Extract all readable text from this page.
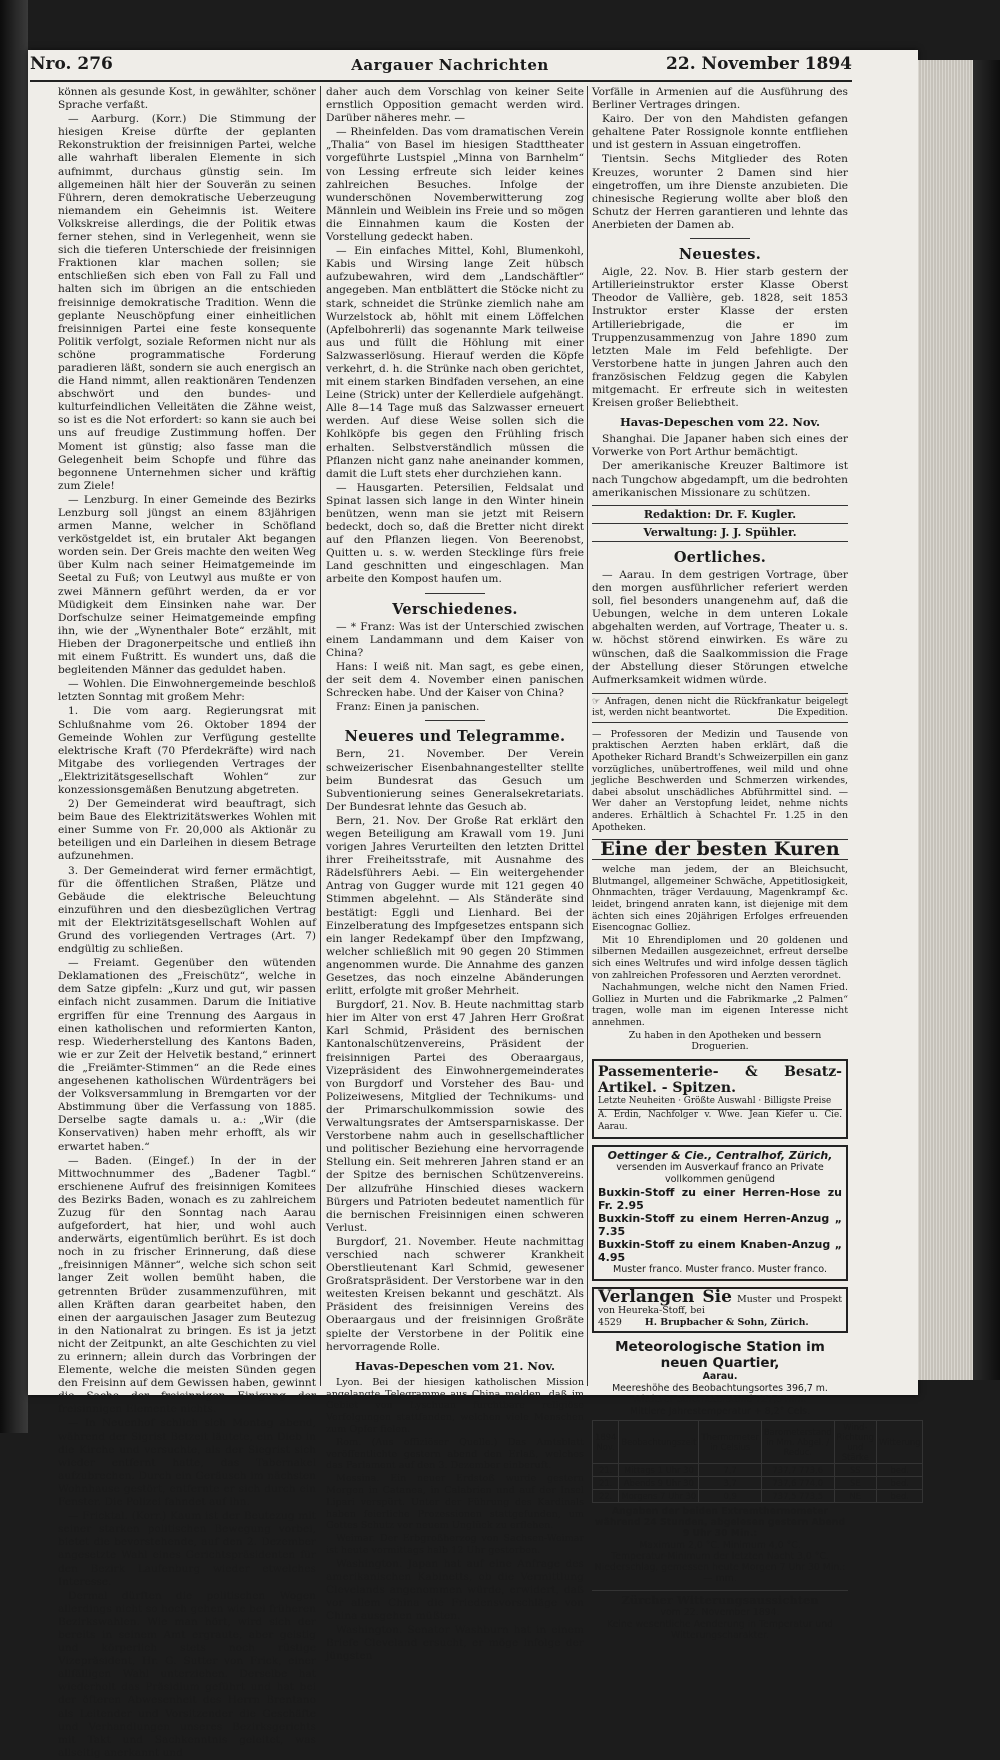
Nro. 276	Aargauer Nachrichten	22. November 1894

können als gesunde Kost, in gewählter, schöner Sprache verfaßt.

— Aarburg. (Korr.) Die Stimmung der hiesigen Kreise dürfte der geplanten Rekonstruktion der freisinnigen Partei, welche alle wahrhaft liberalen Elemente in sich aufnimmt, durchaus günstig sein. Im allgemeinen hält hier der Souverän zu seinen Führern, deren demokratische Ueberzeugung niemandem ein Geheimnis ist. Weitere Volkskreise allerdings, die der Politik etwas ferner stehen, sind in Verlegenheit, wenn sie sich die tieferen Unterschiede der freisinnigen Fraktionen klar machen sollen; sie entschließen sich eben von Fall zu Fall und halten sich im übrigen an die entschieden freisinnige demokratische Tradition. Wenn die geplante Neuschöpfung einer einheitlichen freisinnigen Partei eine feste konsequente Politik verfolgt, soziale Reformen nicht nur als schöne programmatische Forderung paradieren läßt, sondern sie auch energisch an die Hand nimmt, allen reaktionären Tendenzen abschwört und den bundes- und kulturfeindlichen Velleitäten die Zähne weist, so ist es die Not erfordert: so kann sie auch bei uns auf freudige Zustimmung hoffen. Der Moment ist günstig; also fasse man die Gelegenheit beim Schopfe und führe das begonnene Unternehmen sicher und kräftig zum Ziele!

— Lenzburg. In einer Gemeinde des Bezirks Lenzburg soll jüngst an einem 83jährigen armen Manne, welcher in Schöfland verköstgeldet ist, ein brutaler Akt begangen worden sein. Der Greis machte den weiten Weg über Kulm nach seiner Heimatgemeinde im Seetal zu Fuß; von Leutwyl aus mußte er von zwei Männern geführt werden, da er vor Müdigkeit dem Einsinken nahe war. Der Dorfschulze seiner Heimatgemeinde empfing ihn, wie der „Wynenthaler Bote“ erzählt, mit Hieben der Dragonerpeitsche und entließ ihn mit einem Fußtritt. Es wundert uns, daß die begleitenden Männer das geduldet haben.

— Wohlen. Die Einwohnergemeinde beschloß letzten Sonntag mit großem Mehr:

1. Die vom aarg. Regierungsrat mit Schlußnahme vom 26. Oktober 1894 der Gemeinde Wohlen zur Verfügung gestellte elektrische Kraft (70 Pferdekräfte) wird nach Mitgabe des vorliegenden Vertrages der „Elektrizitätsgesellschaft Wohlen“ zur konzessionsgemäßen Benutzung abgetreten.

2) Der Gemeinderat wird beauftragt, sich beim Baue des Elektrizitätswerkes Wohlen mit einer Summe von Fr. 20,000 als Aktionär zu beteiligen und ein Darleihen in diesem Betrage aufzunehmen.

3. Der Gemeinderat wird ferner ermächtigt, für die öffentlichen Straßen, Plätze und Gebäude die elektrische Beleuchtung einzuführen und den diesbezüglichen Vertrag mit der Elektrizitätsgesellschaft Wohlen auf Grund des vorliegenden Vertrages (Art. 7) endgültig zu schließen.

— Freiamt. Gegenüber den wütenden Deklamationen des „Freischütz“, welche in dem Satze gipfeln: „Kurz und gut, wir passen einfach nicht zusammen. Darum die Initiative ergriffen für eine Trennung des Aargaus in einen katholischen und reformierten Kanton, resp. Wiederherstellung des Kantons Baden, wie er zur Zeit der Helvetik bestand,“ erinnert die „Freiämter-Stimmen“ an die Rede eines angesehenen katholischen Würdenträgers bei der Volksversammlung in Bremgarten vor der Abstimmung über die Verfassung von 1885. Derselbe sagte damals u. a.: „Wir (die Konservativen) haben mehr erhofft, als wir erwartet haben.“

— Baden. (Eingef.) In der in der Mittwochnummer des „Badener Tagbl.“ erschienene Aufruf des freisinnigen Komitees des Bezirks Baden, wonach es zu zahlreichem Zuzug für den Sonntag nach Aarau aufgefordert, hat hier, und wohl auch anderwärts, eigentümlich berührt. Es ist doch noch in zu frischer Erinnerung, daß diese „freisinnigen Männer“, welche sich schon seit langer Zeit wollen bemüht haben, die getrennten Brüder zusammenzuführen, mit allen Kräften daran gearbeitet haben, den einen der aargauischen Jasager zum Beutezug in den Nationalrat zu bringen. Es ist ja jetzt nicht der Zeitpunkt, an alte Geschichten zu viel zu erinnern; allein durch das Vorbringen der Elemente, welche die meisten Sünden gegen den Freisinn auf dem Gewissen haben, gewinnt die Sache der freisinnigen Einigung der freisinnigen Elemente nichts.

— In Neuenhof schlich sich Montag abend, während der Sigrist Betzeit läutete, ein Dieb in die Kirche und versuchte, als der Siegrist sich wieder entfernt hatte, das Tabernakel aufzubrechen. Durch ein Geräusch im nächsten Wohnhause gestört, entfernte er sich durch ein Fenster. Die Polizei fahndet auf ihn.

— Fricktal. (Korr.) Kaum ist der Beutezug mit seiner starken politischen Bewegung vorbei, bietet die bevorstehende, auf den 2. Dezember angesetzte Wahl eines Gerichtspräsidenten für den Bezirk Laufenburg wieder etwelches Interesse.

Dermal dürften die politischen Wogen allerdings nicht so hoch gehen wie bei früheren Bezirkswahlen. Wie man hört, wird sich der bereits in seinem Amt ergraute, aber geistig und körperlich stets noch rüstige Vizepräsident, Hr. G. Sutter von Frick, einer allfälligen Wahl unterziehen. Derselbe hat wiederholt das Präsidium geführt und hat bei der öfteren Abwesenheit des Herrn Brentano als Leitender und Vorsitzender die Geschäfte und Verhandlungen unseres Bezirksgerichts mit Takt und Sachkenntnis geleitet, was allseitig anerkannt und

daher auch dem Vorschlag von keiner Seite ernstlich Opposition gemacht werden wird. Darüber näheres mehr. —

— Rheinfelden. Das vom dramatischen Verein „Thalia“ von Basel im hiesigen Stadttheater vorgeführte Lustspiel „Minna von Barnhelm“ von Lessing erfreute sich leider keines zahlreichen Besuches. Infolge der wunderschönen Novemberwitterung zog Männlein und Weiblein ins Freie und so mögen die Einnahmen kaum die Kosten der Vorstellung gedeckt haben.

— Ein einfaches Mittel, Kohl, Blumenkohl, Kabis und Wirsing lange Zeit hübsch aufzubewahren, wird dem „Landschäftler“ angegeben. Man entblättert die Stöcke nicht zu stark, schneidet die Strünke ziemlich nahe am Wurzelstock ab, höhlt mit einem Löffelchen (Apfelbohrerli) das sogenannte Mark teilweise aus und füllt die Höhlung mit einer Salzwasserlösung. Hierauf werden die Köpfe verkehrt, d. h. die Strünke nach oben gerichtet, mit einem starken Bindfaden versehen, an eine Leine (Strick) unter der Kellerdiele aufgehängt. Alle 8—14 Tage muß das Salzwasser erneuert werden. Auf diese Weise sollen sich die Kohlköpfe bis gegen den Frühling frisch erhalten. Selbstverständlich müssen die Pflanzen nicht ganz nahe aneinander kommen, damit die Luft stets eher durchziehen kann.

— Hausgarten. Petersilien, Feldsalat und Spinat lassen sich lange in den Winter hinein benützen, wenn man sie jetzt mit Reisern bedeckt, doch so, daß die Bretter nicht direkt auf den Pflanzen liegen. Von Beerenobst, Quitten u. s. w. werden Stecklinge fürs freie Land geschnitten und eingeschlagen. Man arbeite den Kompost haufen um.

Verschiedenes.

— * Franz: Was ist der Unterschied zwischen einem Landammann und dem Kaiser von China?

Hans: I weiß nit. Man sagt, es gebe einen, der seit dem 4. November einen panischen Schrecken habe. Und der Kaiser von China?

Franz: Einen ja panischen.

Neueres und Telegramme.

Bern, 21. November. Der Verein schweizerischer Eisenbahnangestellter stellte beim Bundesrat das Gesuch um Subventionierung seines Generalsekretariats. Der Bundesrat lehnte das Gesuch ab.

Bern, 21. Nov. Der Große Rat erklärt den wegen Beteiligung am Krawall vom 19. Juni vorigen Jahres Verurteilten den letzten Drittel ihrer Freiheitsstrafe, mit Ausnahme des Rädelsführers Aebi. — Ein weitergehender Antrag von Gugger wurde mit 121 gegen 40 Stimmen abgelehnt. — Als Ständeräte sind bestätigt: Eggli und Lienhard. Bei der Einzelberatung des Impfgesetzes entspann sich ein langer Redekampf über den Impfzwang, welcher schließlich mit 90 gegen 20 Stimmen angenommen wurde. Die Annahme des ganzen Gesetzes, das noch einzelne Abänderungen erlitt, erfolgte mit großer Mehrheit.

Burgdorf, 21. Nov. B. Heute nachmittag starb hier im Alter von erst 47 Jahren Herr Großrat Karl Schmid, Präsident des bernischen Kantonalschützenvereins, Präsident der freisinnigen Partei des Oberaargaus, Vizepräsident des Einwohnergemeinderates von Burgdorf und Vorsteher des Bau- und Polizeiwesens, Mitglied der Technikums- und der Primarschulkommission sowie des Verwaltungsrates der Amtsersparniskasse. Der Verstorbene nahm auch in gesellschaftlicher und politischer Beziehung eine hervorragende Stellung ein. Seit mehreren Jahren stand er an der Spitze des bernischen Schützenvereins. Der allzufrühe Hinschied dieses wackern Bürgers und Patrioten bedeutet namentlich für die bernischen Freisinnigen einen schweren Verlust.

Burgdorf, 21. November. Heute nachmittag verschied nach schwerer Krankheit Oberstlieutenant Karl Schmid, gewesener Großratspräsident. Der Verstorbene war in den weitesten Kreisen bekannt und geschätzt. Als Präsident des freisinnigen Vereins des Oberaargaus und der freisinnigen Großräte spielte der Verstorbene in der Politik eine hervorragende Rolle.

Havas-Depeschen vom 21. Nov.

Lyon. Bei der hiesigen katholischen Mission angelangte Telegramme aus China melden, daß im Gebiet von Lyschuan furchtbare religiöse Verfolgungen stattfanden, welchen viele Menschen zum Opfer fielen.

Rom. (Aus offiziöser Quelle.) Das Amtsblatt veröffentlichte gestern abend den Erlaß, welches das Parlament auf den 3. Dezember einberuft.

Messina. Ein neuer Erdstoß wurde gestern Morgen in Catanea, in Calabrien und auf der Insel Lipari verspürt. Unter der Führung des Kardinals haben feierliche Prozessionen stattgefunden, um Gottes Schutz vor neuem Unglück zu erflehen.

Weimar. Der Erbgroßherzog von Sachsen-Weimar ist heute vormittags halb 12 Uhr gestorben.

Washington. Japan hat auf eine Anfrage des amerikanischen Kabinetts, ob die Vermittlung Clevelands angenommen würde, erwidert, daß vor allem China die Friedensvorschläge von China ausgehen müßten.

Washington. Senator Washburn hat in einem Briefe Cleveland ersucht, er möge infolge der jüngsten

Vorfälle in Armenien auf die Ausführung des Berliner Vertrages dringen.

Kairo. Der von den Mahdisten gefangen gehaltene Pater Rossignole konnte entfliehen und ist gestern in Assuan eingetroffen.

Tientsin. Sechs Mitglieder des Roten Kreuzes, worunter 2 Damen sind hier eingetroffen, um ihre Dienste anzubieten. Die chinesische Regierung wollte aber bloß den Schutz der Herren garantieren und lehnte das Anerbieten der Damen ab.

Neuestes.

Aigle, 22. Nov. B. Hier starb gestern der Artillerieinstruktor erster Klasse Oberst Theodor de Vallière, geb. 1828, seit 1853 Instruktor erster Klasse der ersten Artilleriebrigade, die er im Truppenzusammenzug von Jahre 1890 zum letzten Male im Feld befehligte. Der Verstorbene hatte in jungen Jahren auch den französischen Feldzug gegen die Kabylen mitgemacht. Er erfreute sich in weitesten Kreisen großer Beliebtheit.

Havas-Depeschen vom 22. Nov.

Shanghai. Die Japaner haben sich eines der Vorwerke von Port Arthur bemächtigt.

Der amerikanische Kreuzer Baltimore ist nach Tungchow abgedampft, um die bedrohten amerikanischen Missionare zu schützen.

Redaktion: Dr. F. Kugler.
Verwaltung: J. J. Spühler.
Oertliches.

— Aarau. In dem gestrigen Vortrage, über den morgen ausführlicher referiert werden soll, fiel besonders unangenehm auf, daß die Uebungen, welche in dem unteren Lokale abgehalten werden, auf Vortrage, Theater u. s. w. höchst störend einwirken. Es wäre zu wünschen, daß die Saalkommission die Frage der Abstellung dieser Störungen etwelche Aufmerksamkeit widmen würde.

☞ Anfragen, denen nicht die Rückfrankatur beigelegt ist, werden nicht beantwortet.	Die Expedition.
— Professoren der Medizin und Tausende von praktischen Aerzten haben erklärt, daß die Apotheker Richard Brandt's Schweizerpillen ein ganz vorzügliches, unübertroffenes, weil mild und ohne jegliche Beschwerden und Schmerzen wirkendes, dabei absolut unschädliches Abführmittel sind. — Wer daher an Verstopfung leidet, nehme nichts anderes. Erhältlich à Schachtel Fr. 1.25 in den Apotheken.
Eine der besten Kuren

welche man jedem, der an Bleichsucht, Blutmangel, allgemeiner Schwäche, Appetitlosigkeit, Ohnmachten, träger Verdauung, Magenkrampf &c. leidet, bringend anraten kann, ist diejenige mit dem ächten sich eines 20jährigen Erfolges erfreuenden Eisencognac Golliez.

Mit 10 Ehrendiplomen und 20 goldenen und silbernen Medaillen ausgezeichnet, erfreut derselbe sich eines Weltrufes und wird infolge dessen täglich von zahlreichen Professoren und Aerzten verordnet.

Nachahmungen, welche nicht den Namen Fried. Golliez in Murten und die Fabrikmarke „2 Palmen“ tragen, wolle man im eigenen Interesse nicht annehmen.

Zu haben in den Apotheken und bessern Droguerien.

Passementerie- & Besatz-Artikel. - Spitzen.
Letzte Neuheiten · Größte Auswahl · Billigste Preise
A. Erdin, Nachfolger v. Wwe. Jean Kiefer u. Cie. Aarau.
Oettinger & Cie., Centralhof, Zürich,
versenden im Ausverkauf franco an Private vollkommen genügend
Buxkin-Stoff zu einer Herren-Hose zu Fr. 2.95
Buxkin-Stoff zu einem Herren-Anzug „ 7.35
Buxkin-Stoff zu einem Knaben-Anzug „ 4.95
Muster franco. Muster franco. Muster franco.
Verlangen Sie Muster und Prospekt von Heureka-Stoff, bei
4529 H. Brupbacher & Sohn, Zürich.
Meteorologische Station im neuen Quartier,
Aarau.
Meereshöhe des Beobachtungsortes 396,7 m.
Mittlerer Barometerstand 727,8 mm.
Mittlere Jahrestemperatur + 8,2° Cels.
1894 Nov.	Beobachtungszeit	Thermometer in Celsius	Barometerstand in Mm. Abgel. / Reduc.	Wind-Richtung und Stärke	Witterung
21.	Mittags 1 Uhr 30	7,7	737,7 773,6	SS	bed.
21.	Abends 9 Uhr 30	3,7	737,6 774,0	SE	bed.
22.	Morgens 7 Uhr 30	0,9	737,5 773,5	NE	bed.
Angaben der beiden Extremthermometer während 24 Stunden, abgelesen gestern Abend 9 Uhr 30 Min.:
Maximum 2,0 °C. Minimum 4,0 °C.
Temperatur-Minimum der letzten Nacht 3,0 °C.
Niederschlag, gemessen heute Morgen 7 Uhr 30 Min.: — mm.
Zürcher Witterungsaussichten
vom 22. November 1894.
Keine wesentliche Aenderung in Temperatur und Witterungscharakter.
